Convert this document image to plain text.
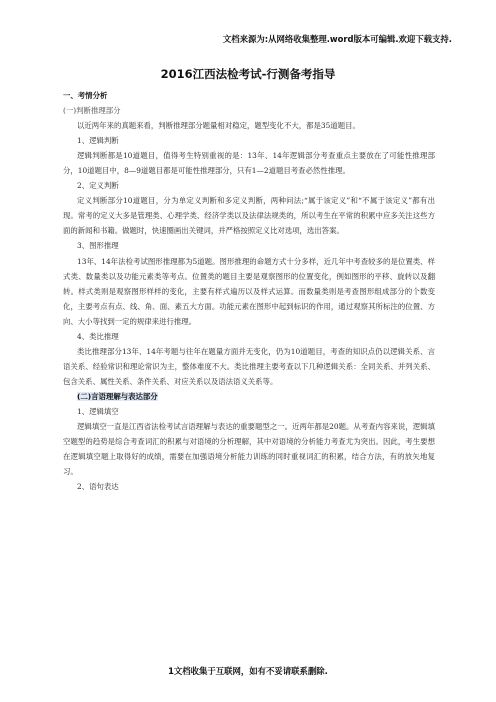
文档来源为:从网络收集整理.word版本可编辑.欢迎下载支持.
2016江西法检考试-行测备考指导
一、考情分析
(一)判断推理部分
以近两年来的真题来看，判断推理部分题量相对稳定，题型变化不大，都是35道题目。
1、逻辑判断
逻辑判断都是10道题目，值得考生特别重视的是：13年、14年逻辑部分考查重点主要放在了可能性推理部分，10道题目中，8—9道题目都是可能性推理部分，只有1—2道题目考查必然性推理。
2、定义判断
定义判断部分10道题目，分为单定义判断和多定义判断，两种问法;“属于该定义”和“不属于该定义”都有出现。常考的定义大多是管理类、心理学类、经济学类以及法律法规类的，所以考生在平常的积累中应多关注这些方面的新闻和书籍。做题时，快速圈画出关键词，并严格按照定义比对选项，选出答案。
3、图形推理
13年、14年法检考试图形推理都为5道题。图形推理的命题方式十分多样，近几年中考查较多的是位置类、样式类、数量类以及功能元素类等考点。位置类的题目主要是观察图形的位置变化，例如图形的平移、旋转以及翻转。样式类则是观察图形样样的变化，主要有样式遍历以及样式运算。而数量类则是考查图形组成部分的个数变化，主要考点有点、线、角、面、素五大方面。功能元素在图形中起到标识的作用，通过观察其所标注的位置、方向、大小等找到一定的规律来进行推理。
4、类比推理
类比推理部分13年、14年考题与往年在题量方面并无变化，仍为10道题目，考查的知识点仍以逻辑关系、言语关系、经验常识和理论常识为主，整体难度不大。类比推理主要考查以下几种逻辑关系：全同关系、并列关系、包含关系、属性关系、条件关系、对应关系以及语法语义关系等。
(二)言语理解与表达部分
1、逻辑填空
逻辑填空一直是江西省法检考试言语理解与表达的重要题型之一。近两年都是20题。从考查内容来说，逻辑填空题型的趋势是综合考查词汇的积累与对语境的分析理解，其中对语境的分析能力考查尤为突出。因此，考生要想在逻辑填空题上取得好的成绩，需要在加强语境分析能力训练的同时重视词汇的积累，结合方法，有的放矢地复习。
2、语句表达
1文档收集于互联网，如有不妥请联系删除.
